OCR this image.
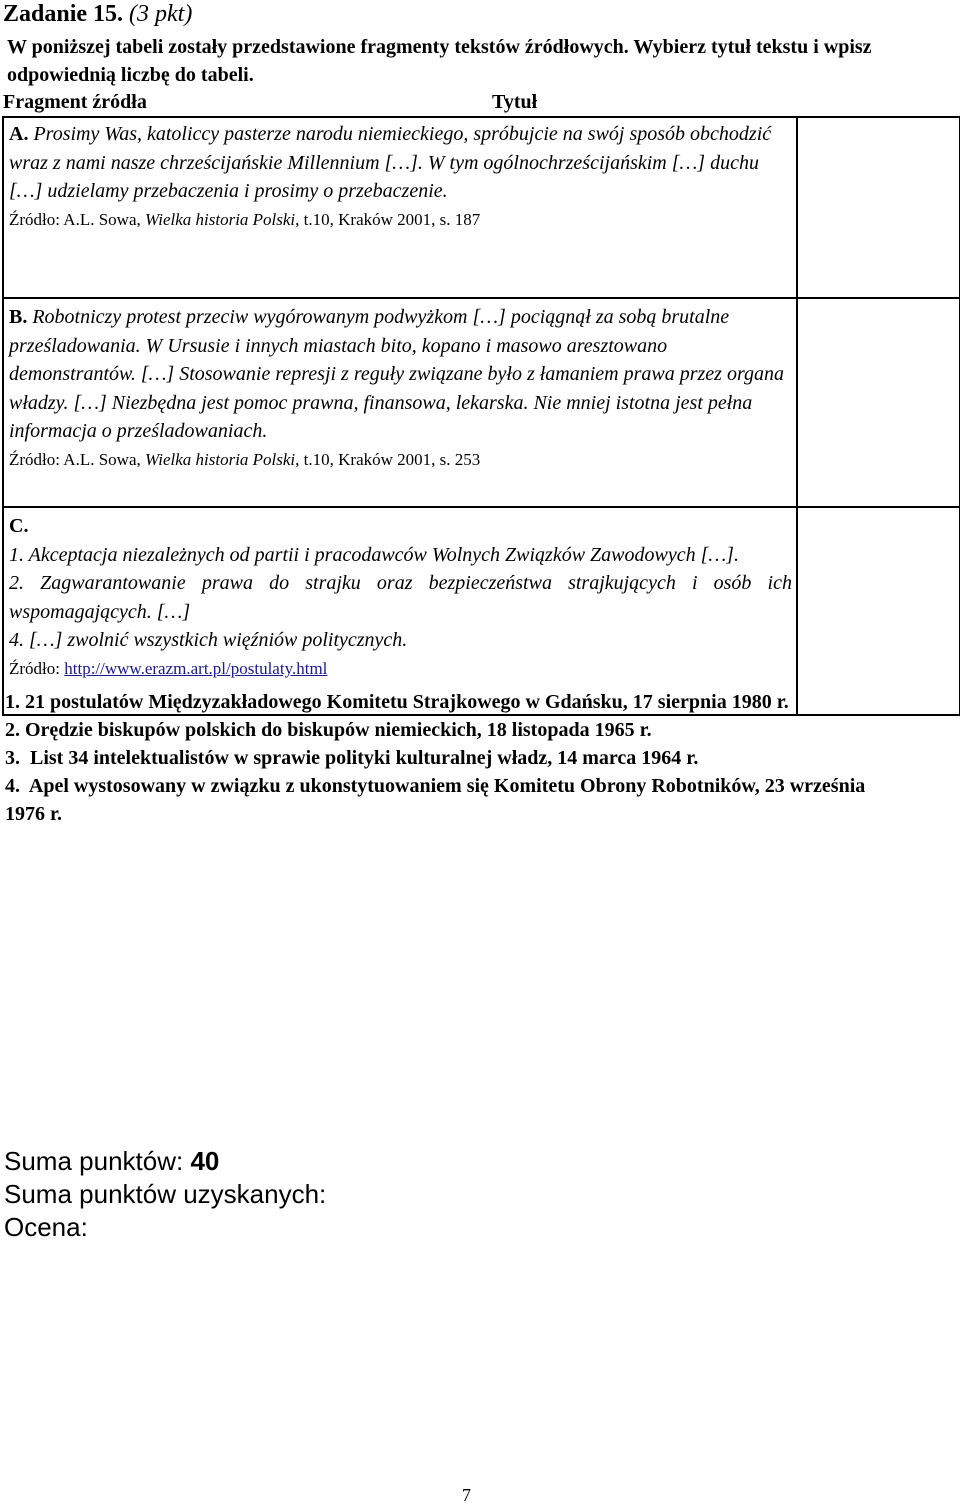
Zadanie 15. (3 pkt)
W poniższej tabeli zostały przedstawione fragmenty tekstów źródłowych. Wybierz tytuł tekstu i wpisz odpowiednią liczbę do tabeli.
Fragment źródła	Tytuł

A. Prosimy Was, katoliccy pasterze narodu niemieckiego, spróbujcie na swój sposób obchodzić wraz z nami nasze chrześcijańskie Millennium […]. W tym ogólnochrześcijańskim […] duchu […] udzielamy przebaczenia i prosimy o przebaczenie.
Źródło: A.L. Sowa, Wielka historia Polski, t.10, Kraków 2001, s. 187	

B. Robotniczy protest przeciw wygórowanym podwyżkom […] pociągnął za sobą brutalne prześladowania. W Ursusie i innych miastach bito, kopano i masowo aresztowano demonstrantów. […] Stosowanie represji z reguły związane było z łamaniem prawa przez organa władzy. […] Niezbędna jest pomoc prawna, finansowa, lekarska. Nie mniej istotna jest pełna informacja o prześladowaniach.
Źródło: A.L. Sowa, Wielka historia Polski, t.10, Kraków 2001, s. 253	

C.
1. Akceptacja niezależnych od partii i pracodawców Wolnych Związków Zawodowych […].
2. Zagwarantowanie prawa do strajku oraz bezpieczeństwa strajkujących i osób ich wspomagających. […]
4. […] zwolnić wszystkich więźniów politycznych.
Źródło: http://www.erazm.art.pl/postulaty.html	

1. 21 postulatów Międzyzakładowego Komitetu Strajkowego w Gdańsku, 17 sierpnia 1980 r.

2. Orędzie biskupów polskich do biskupów niemieckich, 18 listopada 1965 r.

3.  List 34 intelektualistów w sprawie polityki kulturalnej władz, 14 marca 1964 r.

4.  Apel wystosowany w związku z ukonstytuowaniem się Komitetu Obrony Robotników, 23 września 1976 r.

Suma punktów: 40

Suma punktów uzyskanych:

Ocena:

7
